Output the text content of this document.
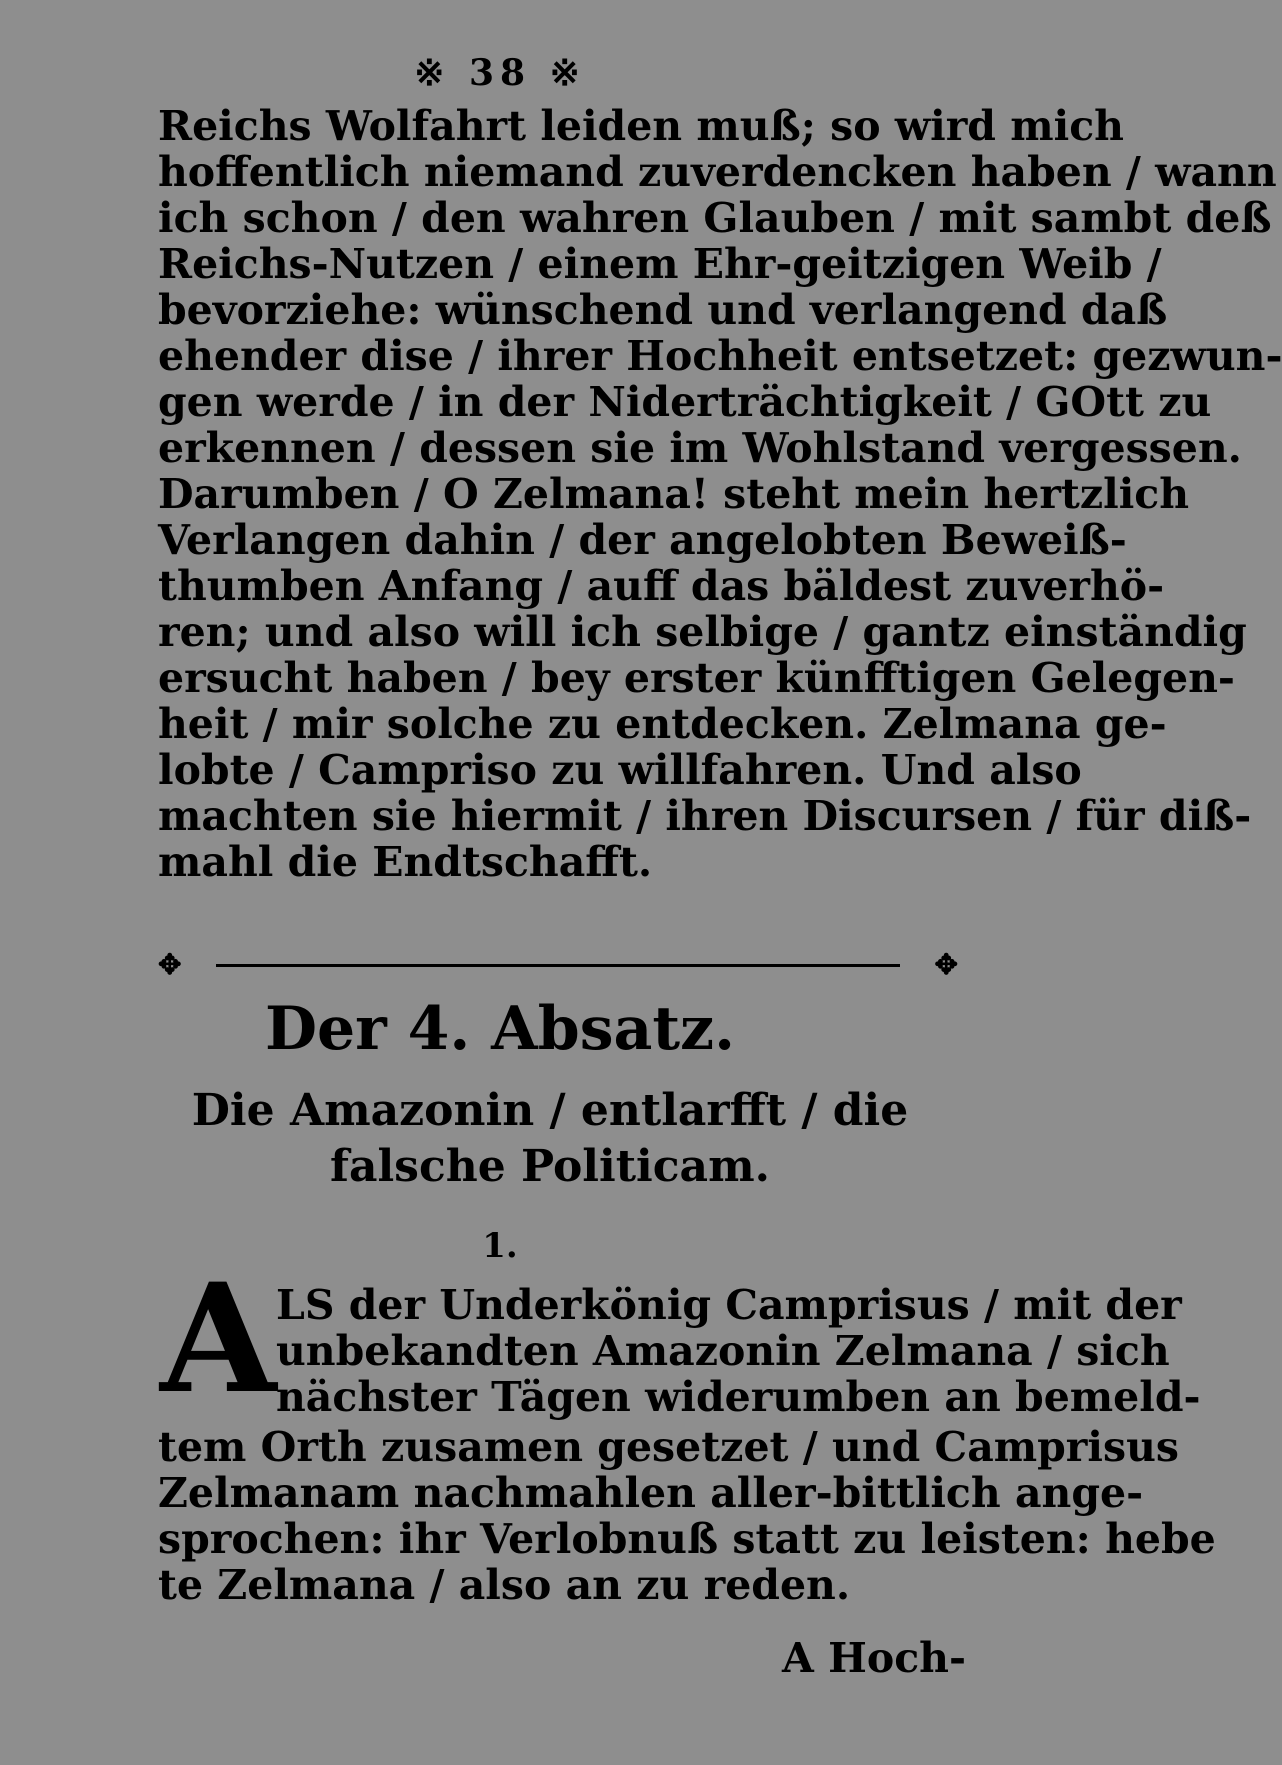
※ 38 ※
Reichs Wolfahrt leiden muß; so wird mich
hoffentlich niemand zuverdencken haben / wann
ich schon / den wahren Glauben / mit sambt deß
Reichs-Nutzen / einem Ehr-geitzigen Weib /
bevorziehe: wünschend und verlangend daß
ehender dise / ihrer Hochheit entsetzet: gezwun-
gen werde / in der Niderträchtigkeit / GOtt zu
erkennen / dessen sie im Wohlstand vergessen.
Darumben / O Zelmana! steht mein hertzlich
Verlangen dahin / der angelobten Beweiß-
thumben Anfang / auff das bäldest zuverhö-
ren; und also will ich selbige / gantz einständig
ersucht haben / bey erster künfftigen Gelegen-
heit / mir solche zu entdecken. Zelmana ge-
lobte / Campriso zu willfahren. Und also
machten sie hiermit / ihren Discursen / für diß-
mahl die Endtschafft.
✥	✥
Der 4. Absatz.
Die Amazonin / entlarfft / die falsche Politicam.
1.
A LS der Underkönig Camprisus / mit der
unbekandten Amazonin Zelmana / sich
nächster Tägen widerumben an bemeld-
tem Orth zusamen gesetzet / und Camprisus
Zelmanam nachmahlen aller-bittlich ange-
sprochen: ihr Verlobnuß statt zu leisten: hebe
te Zelmana / also an zu reden.
A Hoch-
